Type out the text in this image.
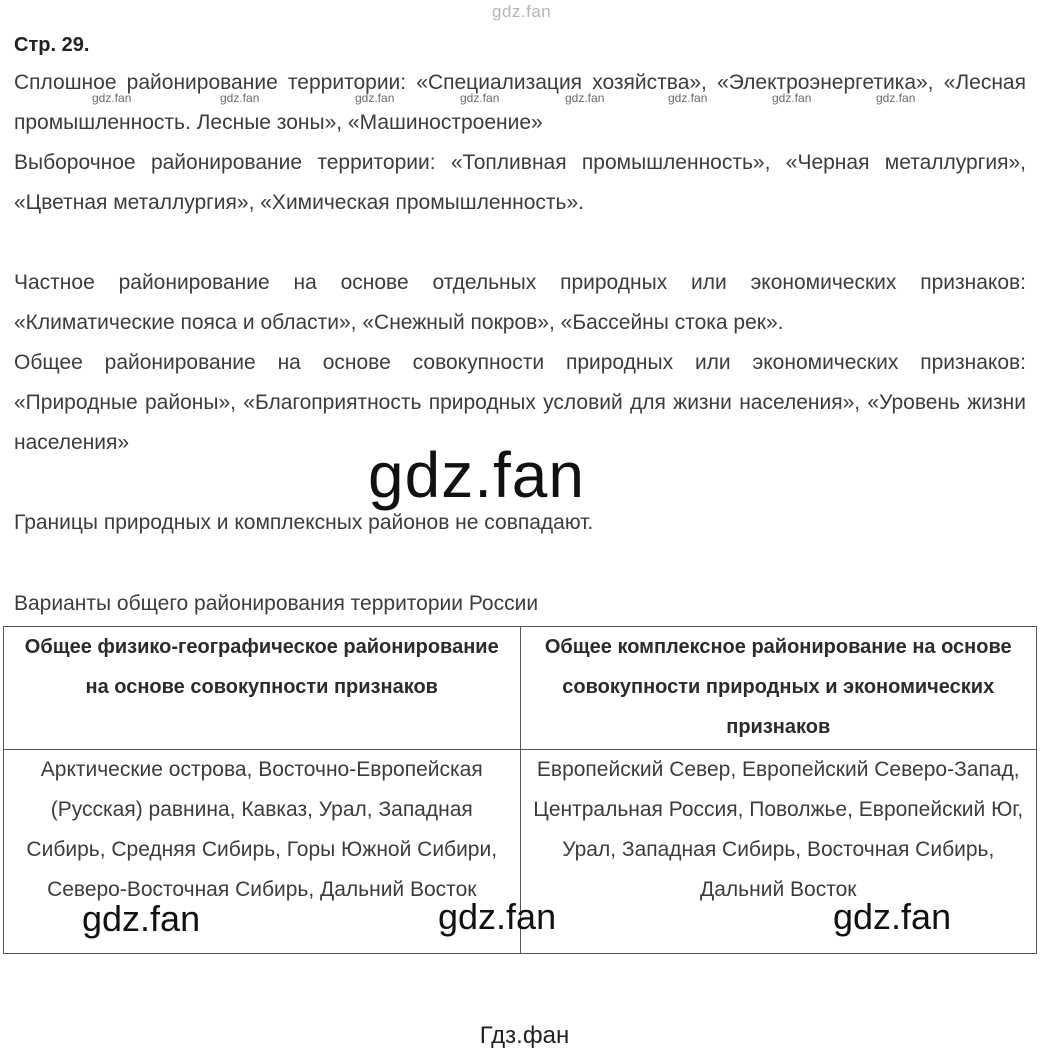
gdz.fan
Стр. 29.
Сплошное районирование территории: «Специализация хозяйства», «Электроэнергетика», «Лесная промышленность. Лесные зоны», «Машиностроение»
gdz.fan	gdz.fan	gdz.fan	gdz.fan	gdz.fan	gdz.fan	gdz.fan	gdz.fan
Выборочное районирование территории: «Топливная промышленность», «Черная металлургия», «Цветная металлургия», «Химическая промышленность».
Частное районирование на основе отдельных природных или экономических признаков: «Климатические пояса и области», «Снежный покров», «Бассейны стока рек».
Общее районирование на основе совокупности природных или экономических признаков: «Природные районы», «Благоприятность природных условий для жизни населения», «Уровень жизни населения»	gdz.fan
Границы природных и комплексных районов не совпадают.
Варианты общего районирования территории России
Общее физико-географическое районирование на основе совокупности признаков	Общее комплексное районирование на основе совокупности природных и экономических признаков
Арктические острова, Восточно-Европейская (Русская) равнина, Кавказ, Урал, Западная Сибирь, Средняя Сибирь, Горы Южной Сибири, Северо-Восточная Сибирь, Дальний Восток	Европейский Север, Европейский Северо-Запад, Центральная Россия, Поволжье, Европейский Юг, Урал, Западная Сибирь, Восточная Сибирь, Дальний Восток
gdz.fan	gdz.fan	gdz.fan
Гдз.фан
